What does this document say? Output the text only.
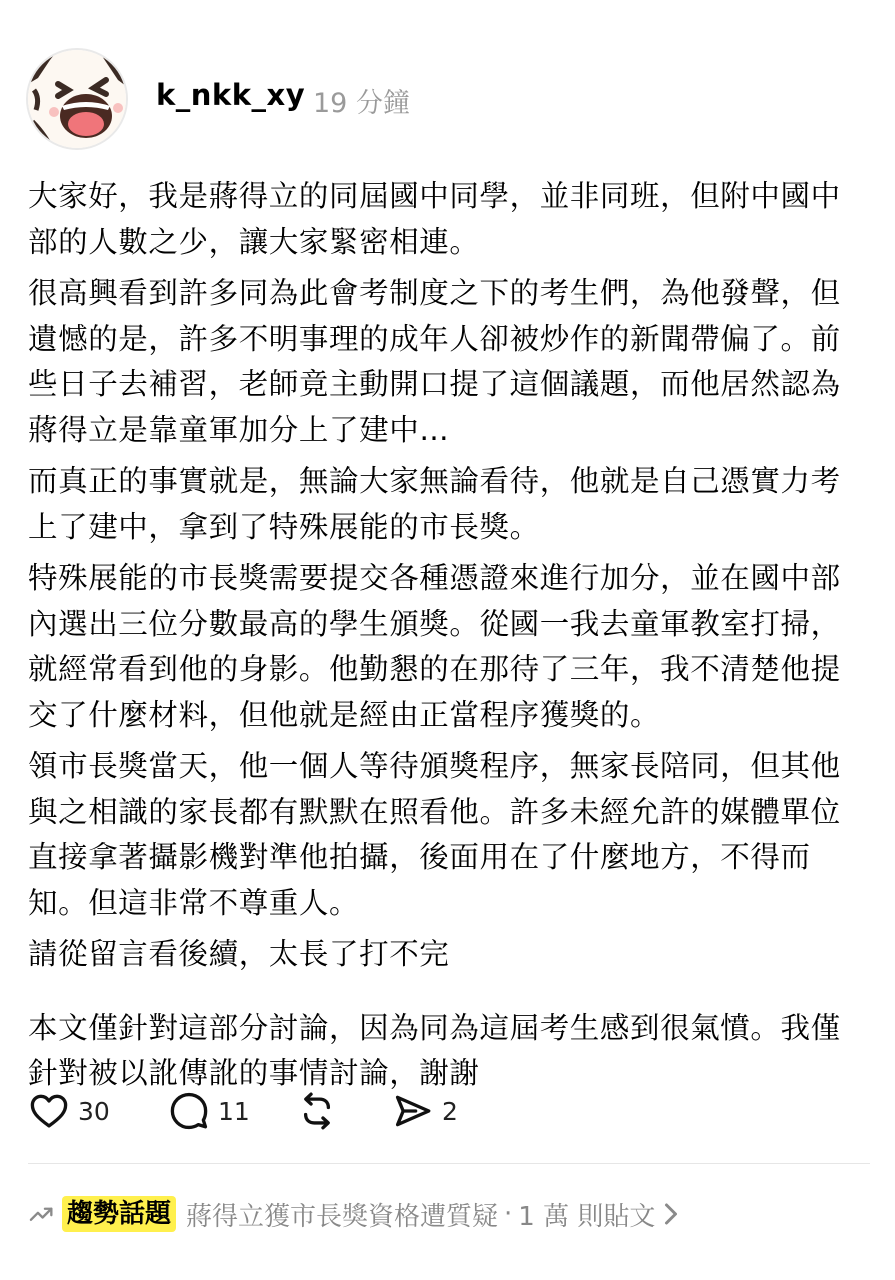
k_nkk_xy 19 分鐘

大家好，我是蔣得立的同屆國中同學，並非同班，但附中國中部的人數之少，讓大家緊密相連。

很高興看到許多同為此會考制度之下的考生們，為他發聲，但遺憾的是，許多不明事理的成年人卻被炒作的新聞帶偏了。前些日子去補習，老師竟主動開口提了這個議題，而他居然認為蔣得立是靠童軍加分上了建中…

而真正的事實就是，無論大家無論看待，他就是自己憑實力考上了建中，拿到了特殊展能的市長獎。

特殊展能的市長獎需要提交各種憑證來進行加分，並在國中部內選出三位分數最高的學生頒獎。從國一我去童軍教室打掃，就經常看到他的身影。他勤懇的在那待了三年，我不清楚他提交了什麼材料，但他就是經由正當程序獲獎的。

領市長獎當天，他一個人等待頒獎程序，無家長陪同，但其他與之相識的家長都有默默在照看他。許多未經允許的媒體單位直接拿著攝影機對準他拍攝，後面用在了什麼地方，不得而知。但這非常不尊重人。

請從留言看後續，太長了打不完

本文僅針對這部分討論，因為同為這屆考生感到很氣憤。我僅針對被以訛傳訛的事情討論，謝謝

30	11	2
趨勢話題 蔣得立獲市長獎資格遭質疑 · 1 萬 則貼文
